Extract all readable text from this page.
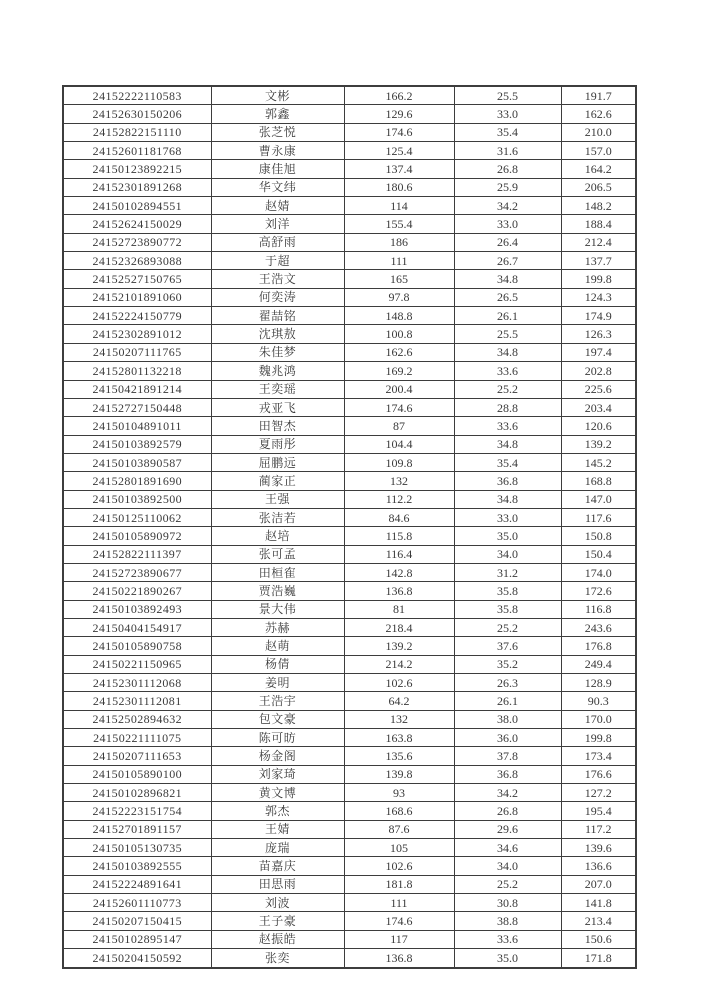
24152222110583	文彬	166.2	25.5	191.7
24152630150206	郭鑫	129.6	33.0	162.6
24152822151110	张芝悦	174.6	35.4	210.0
24152601181768	曹永康	125.4	31.6	157.0
24150123892215	康佳旭	137.4	26.8	164.2
24152301891268	华文纬	180.6	25.9	206.5
24150102894551	赵婧	114	34.2	148.2
24152624150029	刘洋	155.4	33.0	188.4
24152723890772	高舒雨	186	26.4	212.4
24152326893088	于超	111	26.7	137.7
24152527150765	王浩文	165	34.8	199.8
24152101891060	何奕涛	97.8	26.5	124.3
24152224150779	翟喆铭	148.8	26.1	174.9
24152302891012	沈琪敖	100.8	25.5	126.3
24150207111765	朱佳梦	162.6	34.8	197.4
24152801132218	魏兆鸿	169.2	33.6	202.8
24150421891214	王奕瑶	200.4	25.2	225.6
24152727150448	戎亚飞	174.6	28.8	203.4
24150104891011	田智杰	87	33.6	120.6
24150103892579	夏雨彤	104.4	34.8	139.2
24150103890587	屈鹏远	109.8	35.4	145.2
24152801891690	蔺家正	132	36.8	168.8
24150103892500	王强	112.2	34.8	147.0
24150125110062	张洁若	84.6	33.0	117.6
24150105890972	赵培	115.8	35.0	150.8
24152822111397	张可孟	116.4	34.0	150.4
24152723890677	田桓隺	142.8	31.2	174.0
24150221890267	贾浩巍	136.8	35.8	172.6
24150103892493	景大伟	81	35.8	116.8
24150404154917	苏赫	218.4	25.2	243.6
24150105890758	赵萌	139.2	37.6	176.8
24150221150965	杨倩	214.2	35.2	249.4
24152301112068	姜明	102.6	26.3	128.9
24152301112081	王浩宇	64.2	26.1	90.3
24152502894632	包文豪	132	38.0	170.0
24150221111075	陈可昉	163.8	36.0	199.8
24150207111653	杨金阁	135.6	37.8	173.4
24150105890100	刘家琦	139.8	36.8	176.6
24150102896821	黄文博	93	34.2	127.2
24152223151754	郭杰	168.6	26.8	195.4
24152701891157	王婧	87.6	29.6	117.2
24150105130735	庞瑞	105	34.6	139.6
24150103892555	苗嘉庆	102.6	34.0	136.6
24152224891641	田思雨	181.8	25.2	207.0
24152601110773	刘波	111	30.8	141.8
24150207150415	王子豪	174.6	38.8	213.4
24150102895147	赵振皓	117	33.6	150.6
24150204150592	张奕	136.8	35.0	171.8
